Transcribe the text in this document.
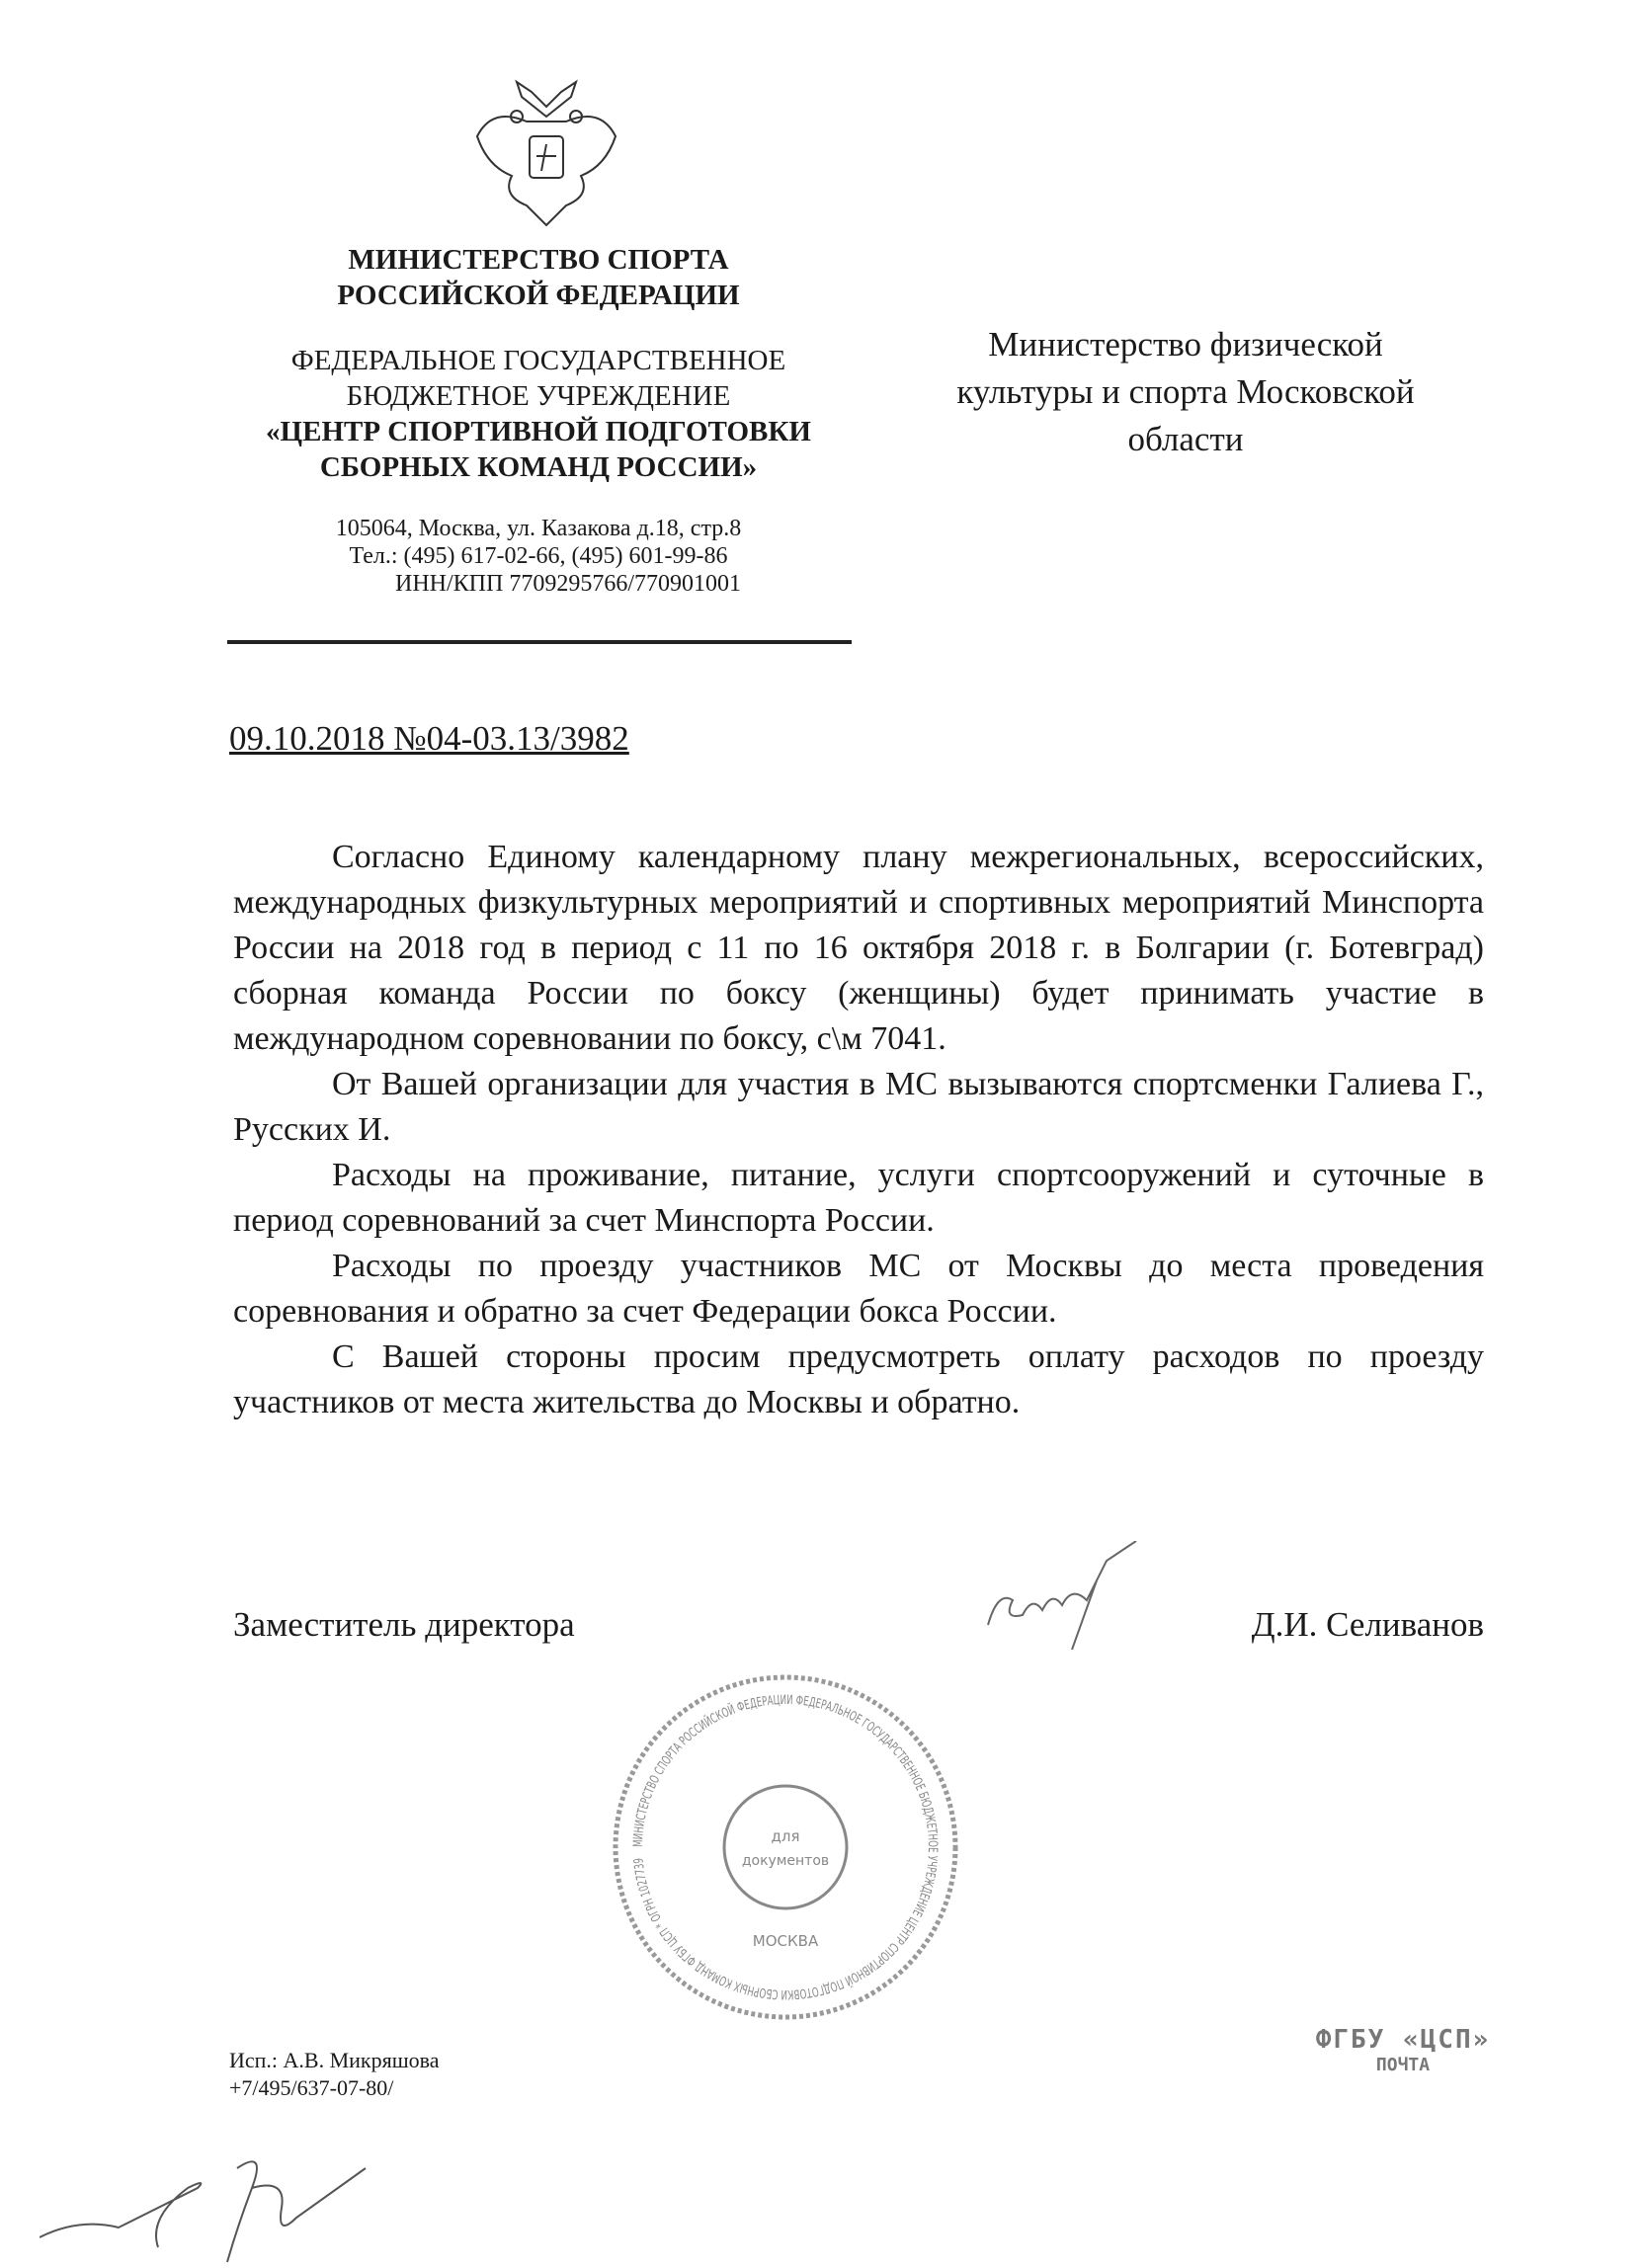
МИНИСТЕРСТВО СПОРТА
РОССИЙСКОЙ ФЕДЕРАЦИИ
ФЕДЕРАЛЬНОЕ ГОСУДАРСТВЕННОЕ
БЮДЖЕТНОЕ УЧРЕЖДЕНИЕ
«ЦЕНТР СПОРТИВНОЙ ПОДГОТОВКИ
СБОРНЫХ КОМАНД РОССИИ»
105064, Москва, ул. Казакова д.18, стр.8
Тел.: (495) 617-02-66, (495) 601-99-86
ИНН/КПП 7709295766/770901001
Министерство физической культуры и спорта Московской области
09.10.2018 №04-03.13/3982

Согласно Единому календарному плану межрегиональных, всероссийских, международных физкультурных мероприятий и спортивных мероприятий Минспорта России на 2018 год в период с 11 по 16 октября 2018 г. в Болгарии (г. Ботевград) сборная команда России по боксу (женщины) будет принимать участие в международном соревновании по боксу, с\м 7041.

От Вашей организации для участия в МС вызываются спортсменки Галиева Г., Русских И.

Расходы на проживание, питание, услуги спортсооружений и суточные в период соревнований за счет Минспорта России.

Расходы по проезду участников МС от Москвы до места проведения соревнования и обратно за счет Федерации бокса России.

С Вашей стороны просим предусмотреть оплату расходов по проезду участников от места жительства до Москвы и обратно.

Заместитель директора	Д.И. Селиванов
МИНИСТЕРСТВО СПОРТА РОССИЙСКОЙ ФЕДЕРАЦИИ ФЕДЕРАЛЬНОЕ ГОСУДАРСТВЕННОЕ БЮДЖЕТНОЕ УЧРЕЖДЕНИЕ ЦЕНТР СПОРТИВНОЙ ПОДГОТОВКИ СБОРНЫХ КОМАНД ФГБУ ЦСП * ОГРН 1027739
для
документов
МОСКВА
Исп.: А.В. Микряшова
+7/495/637-07-80/
ФГБУ «ЦСП»
ПОЧТА
